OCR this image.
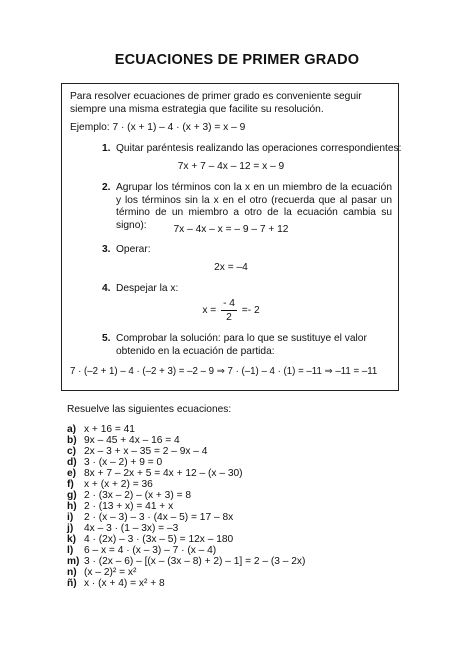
ECUACIONES DE PRIMER GRADO
Para resolver ecuaciones de primer grado es conveniente seguir siempre una misma estrategia que facilite su resolución.
Ejemplo: 7 · (x + 1) – 4 · (x + 3) = x – 9
1. Quitar paréntesis realizando las operaciones correspondientes:
7x + 7 – 4x – 12 = x – 9
2. Agrupar los términos con la x en un miembro de la ecuación y los términos sin la x en el otro (recuerda que al pasar un término de un miembro a otro de la ecuación cambia su signo):	7x – 4x – x = – 9 – 7 + 12
3. Operar:
2x = –4
4. Despejar la x:
$x = \frac{- 4}{2} =- 2$
5. Comprobar la solución: para lo que se sustituye el valor obtenido en la ecuación de partida:
7 · (–2 + 1) – 4 · (–2 + 3) = –2 – 9 ⇒ 7 · (–1) – 4 · (1) = –11 ⇒ –11 = –11
Resuelve las siguientes ecuaciones:
a) x + 16 = 41
b) 9x – 45 + 4x – 16 = 4
c) 2x – 3 + x – 35 = 2 – 9x – 4
d) 3 · (x – 2) + 9 = 0
e) 8x + 7 – 2x + 5 = 4x + 12 – (x – 30)
f) x + (x + 2) = 36
g) 2 · (3x – 2) – (x + 3) = 8
h) 2 · (13 + x) = 41 + x
i) 2 · (x – 3) – 3 · (4x – 5) = 17 – 8x
j) 4x – 3 · (1 – 3x) = –3
k) 4 · (2x) – 3 · (3x – 5) = 12x – 180
l) 6 – x = 4 · (x – 3) – 7 · (x – 4)
m) 3 · (2x – 6) – [(x – (3x – 8) + 2) – 1] = 2 – (3 – 2x)
n) (x – 2)² = x²
ñ) x · (x + 4) = x² + 8
